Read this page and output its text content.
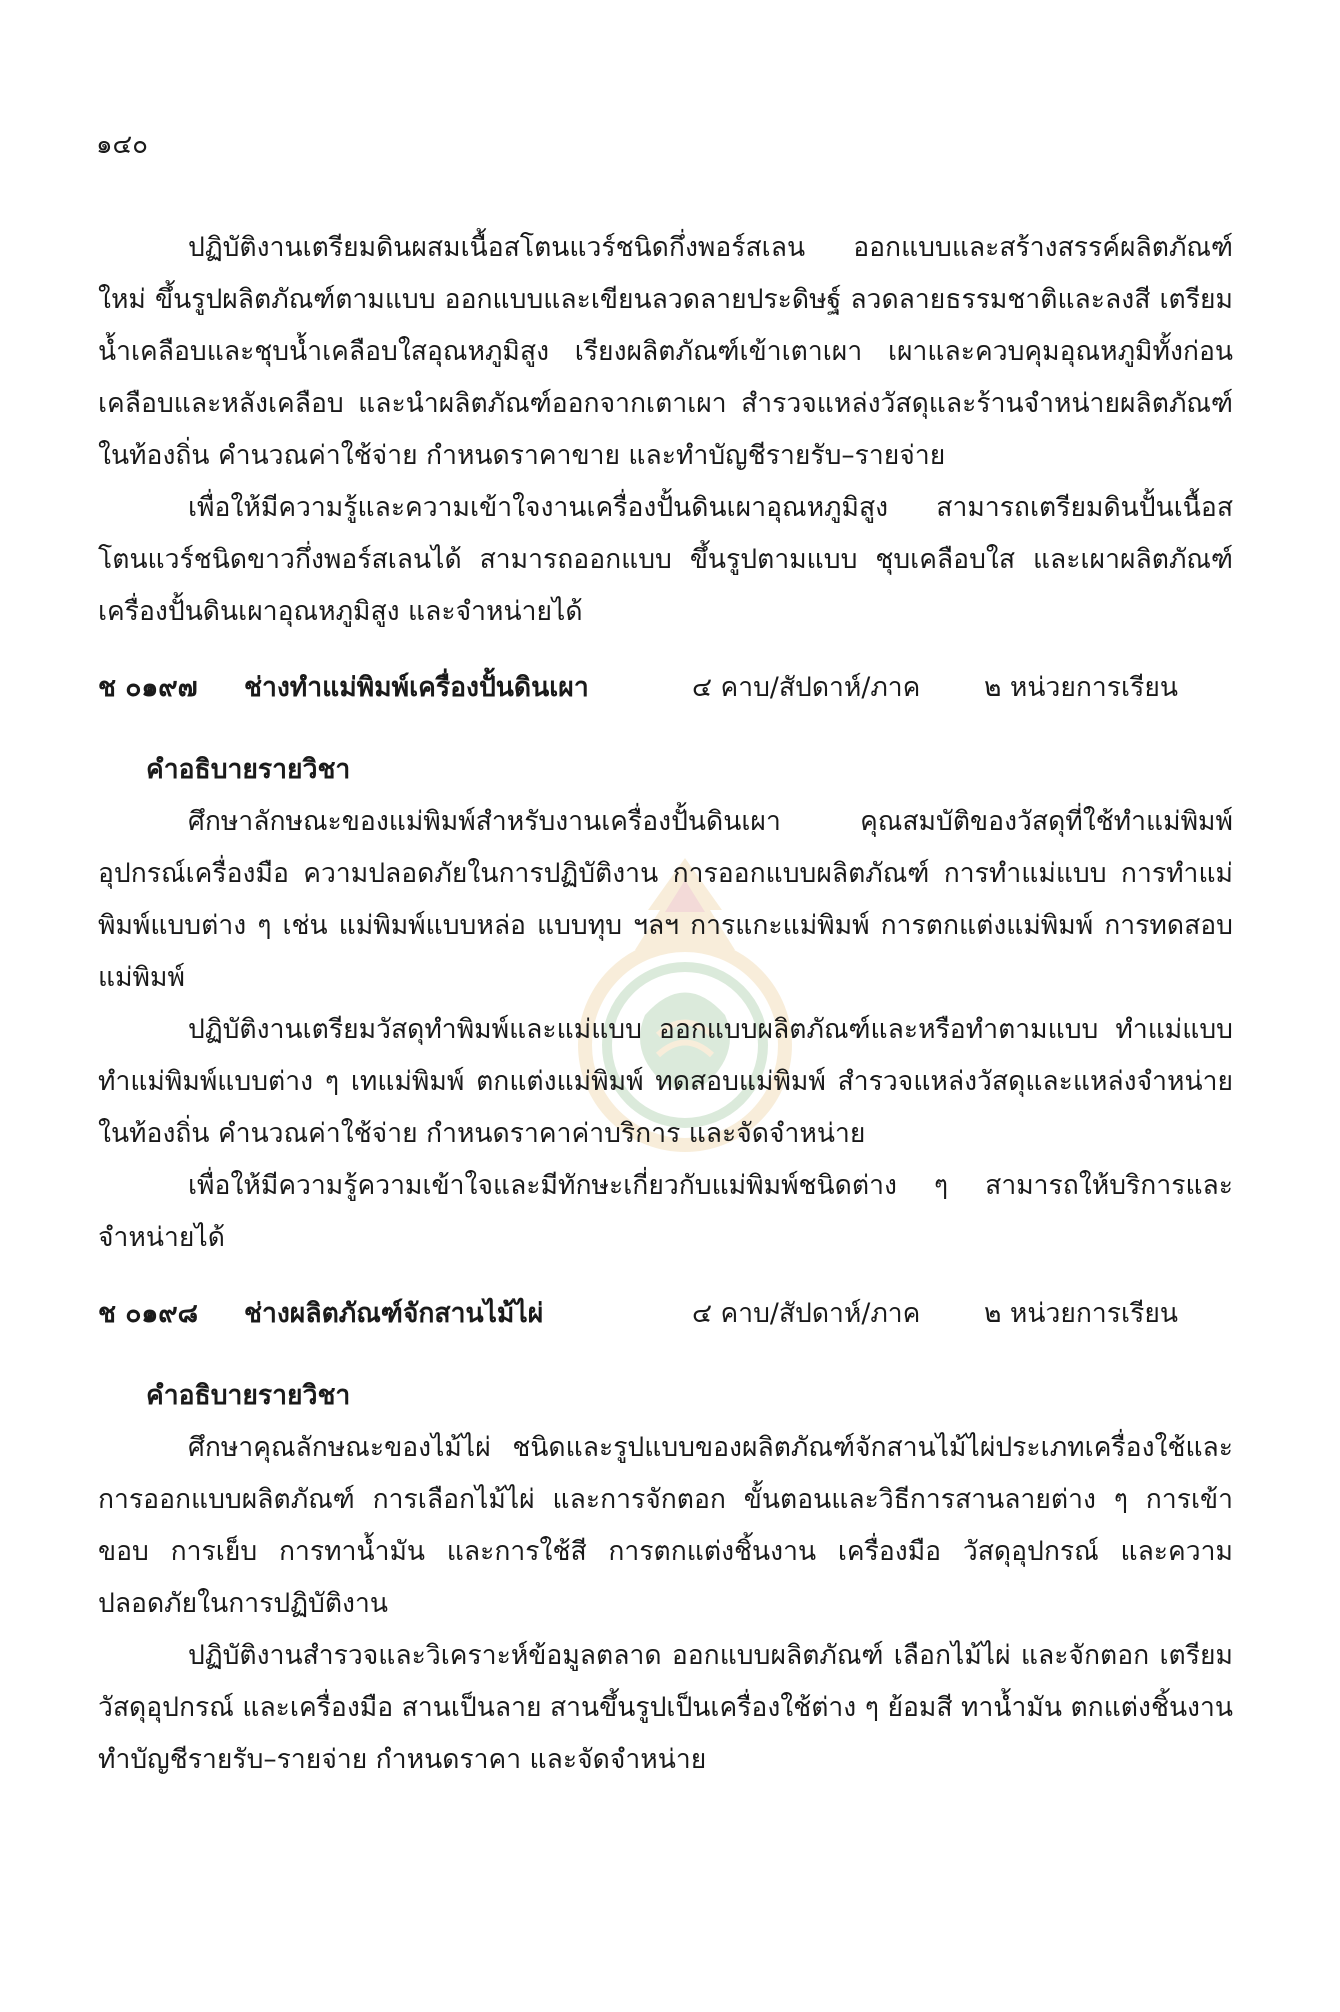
๑๔๐

ปฏิบัติงานเตรียมดินผสมเนื้อสโตนแวร์ชนิดกึ่งพอร์สเลน ออกแบบและสร้างสรรค์ผลิตภัณฑ์ใหม่ ขึ้นรูปผลิตภัณฑ์ตามแบบ ออกแบบและเขียนลวดลายประดิษฐ์ ลวดลายธรรมชาติและลงสี เตรียมน้ำเคลือบและชุบน้ำเคลือบใสอุณหภูมิสูง เรียงผลิตภัณฑ์เข้าเตาเผา เผาและควบคุมอุณหภูมิทั้งก่อนเคลือบและหลังเคลือบ และนำผลิตภัณฑ์ออกจากเตาเผา สำรวจแหล่งวัสดุและร้านจำหน่ายผลิตภัณฑ์ในท้องถิ่น คำนวณค่าใช้จ่าย กำหนดราคาขาย และทำบัญชีรายรับ–รายจ่าย

เพื่อให้มีความรู้และความเข้าใจงานเครื่องปั้นดินเผาอุณหภูมิสูง สามารถเตรียมดินปั้นเนื้อสโตนแวร์ชนิดขาวกึ่งพอร์สเลนได้ สามารถออกแบบ ขึ้นรูปตามแบบ ชุบเคลือบใส และเผาผลิตภัณฑ์เครื่องปั้นดินเผาอุณหภูมิสูง และจำหน่ายได้

ช ๐๑๙๗	ช่างทำแม่พิมพ์เครื่องปั้นดินเผา	๔ คาบ/สัปดาห์/ภาค	๒ หน่วยการเรียน

คำอธิบายรายวิชา

ศึกษาลักษณะของแม่พิมพ์สำหรับงานเครื่องปั้นดินเผา คุณสมบัติของวัสดุที่ใช้ทำแม่พิมพ์ อุปกรณ์เครื่องมือ ความปลอดภัยในการปฏิบัติงาน การออกแบบผลิตภัณฑ์ การทำแม่แบบ การทำแม่พิมพ์แบบต่าง ๆ เช่น แม่พิมพ์แบบหล่อ แบบทุบ ฯลฯ การแกะแม่พิมพ์ การตกแต่งแม่พิมพ์ การทดสอบแม่พิมพ์

ปฏิบัติงานเตรียมวัสดุทำพิมพ์และแม่แบบ ออกแบบผลิตภัณฑ์และหรือทำตามแบบ ทำแม่แบบ ทำแม่พิมพ์แบบต่าง ๆ เทแม่พิมพ์ ตกแต่งแม่พิมพ์ ทดสอบแม่พิมพ์ สำรวจแหล่งวัสดุและแหล่งจำหน่ายในท้องถิ่น คำนวณค่าใช้จ่าย กำหนดราคาค่าบริการ และจัดจำหน่าย

เพื่อให้มีความรู้ความเข้าใจและมีทักษะเกี่ยวกับแม่พิมพ์ชนิดต่าง ๆ สามารถให้บริการและจำหน่ายได้

ช ๐๑๙๘	ช่างผลิตภัณฑ์จักสานไม้ไผ่	๔ คาบ/สัปดาห์/ภาค	๒ หน่วยการเรียน

คำอธิบายรายวิชา

ศึกษาคุณลักษณะของไม้ไผ่ ชนิดและรูปแบบของผลิตภัณฑ์จักสานไม้ไผ่ประเภทเครื่องใช้และการออกแบบผลิตภัณฑ์ การเลือกไม้ไผ่ และการจักตอก ขั้นตอนและวิธีการสานลายต่าง ๆ การเข้าขอบ การเย็บ การทาน้ำมัน และการใช้สี การตกแต่งชิ้นงาน เครื่องมือ วัสดุอุปกรณ์ และความปลอดภัยในการปฏิบัติงาน

ปฏิบัติงานสำรวจและวิเคราะห์ข้อมูลตลาด ออกแบบผลิตภัณฑ์ เลือกไม้ไผ่ และจักตอก เตรียมวัสดุอุปกรณ์ และเครื่องมือ สานเป็นลาย สานขึ้นรูปเป็นเครื่องใช้ต่าง ๆ ย้อมสี ทาน้ำมัน ตกแต่งชิ้นงาน ทำบัญชีรายรับ–รายจ่าย กำหนดราคา และจัดจำหน่าย
